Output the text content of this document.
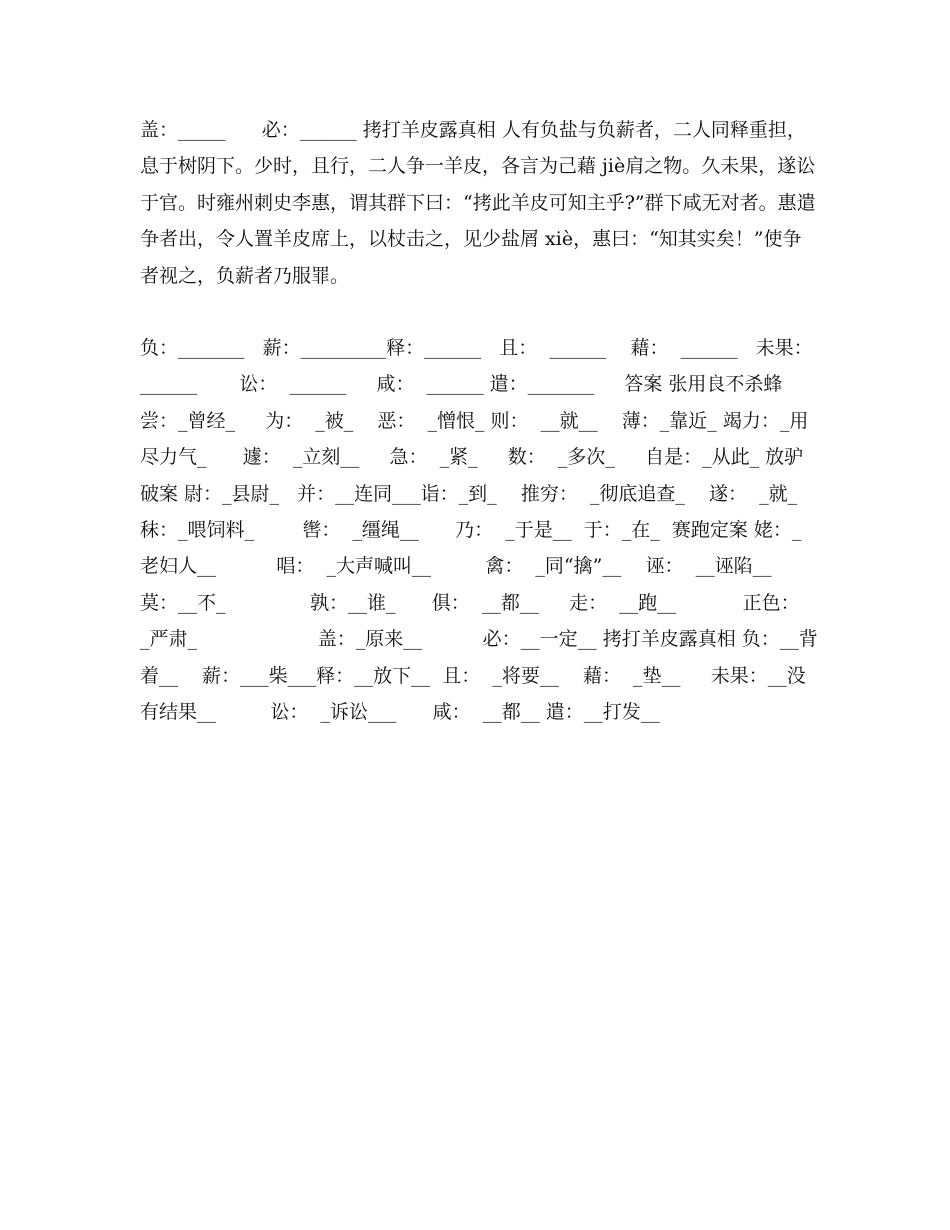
盖：_____      必：______ 拷打羊皮露真相 人有负盐与负薪者，二人同释重担，息于树阴下。少时，且行，二人争一羊皮，各言为己藉 jiè肩之物。久未果，遂讼于官。时雍州刺史李惠，谓其群下曰：“拷此羊皮可知主乎?”群下咸无对者。惠遣争者出，令人置羊皮席上，以杖击之，见少盐屑 xiè，惠曰：“知其实矣！”使争者视之，负薪者乃服罪。

负：_______   薪：_________释：______   且：  ______    藉：  ______   未果：______       讼：  ______     咸：  ______ 遣：_______     答案 张用良不杀蜂 尝：_曾经_     为：  _被_    恶：  _憎恨_ 则：  __就__    薄：_靠近_ 竭力：_用尽力气_      遽：  _立刻__     急：  _紧_     数：  _多次_     自是：_从此_ 放驴破案 尉：_县尉_   并：__连同___诣：_到_    推穷：  _彻底追查_    遂：  _就_      秣：_喂饲料_        辔：  _缰绳__      乃：  _于是__  于：_在_  赛跑定案 姥：_老妇人__          唱：  _大声喊叫__         禽：  _同“擒”__    诬：  __诬陷__                 莫：__不_              孰：__谁_      俱：  __都__     走：  __跑__           正色：  _严肃_                    盖：_原来__          必：__一定__ 拷打羊皮露真相 负：__背着__    薪：___柴___释：__放下__  且：  _将要__    藉：  _垫__     未果：__没有结果__         讼：  _诉讼___      咸：  __都__ 遣：__打发__
